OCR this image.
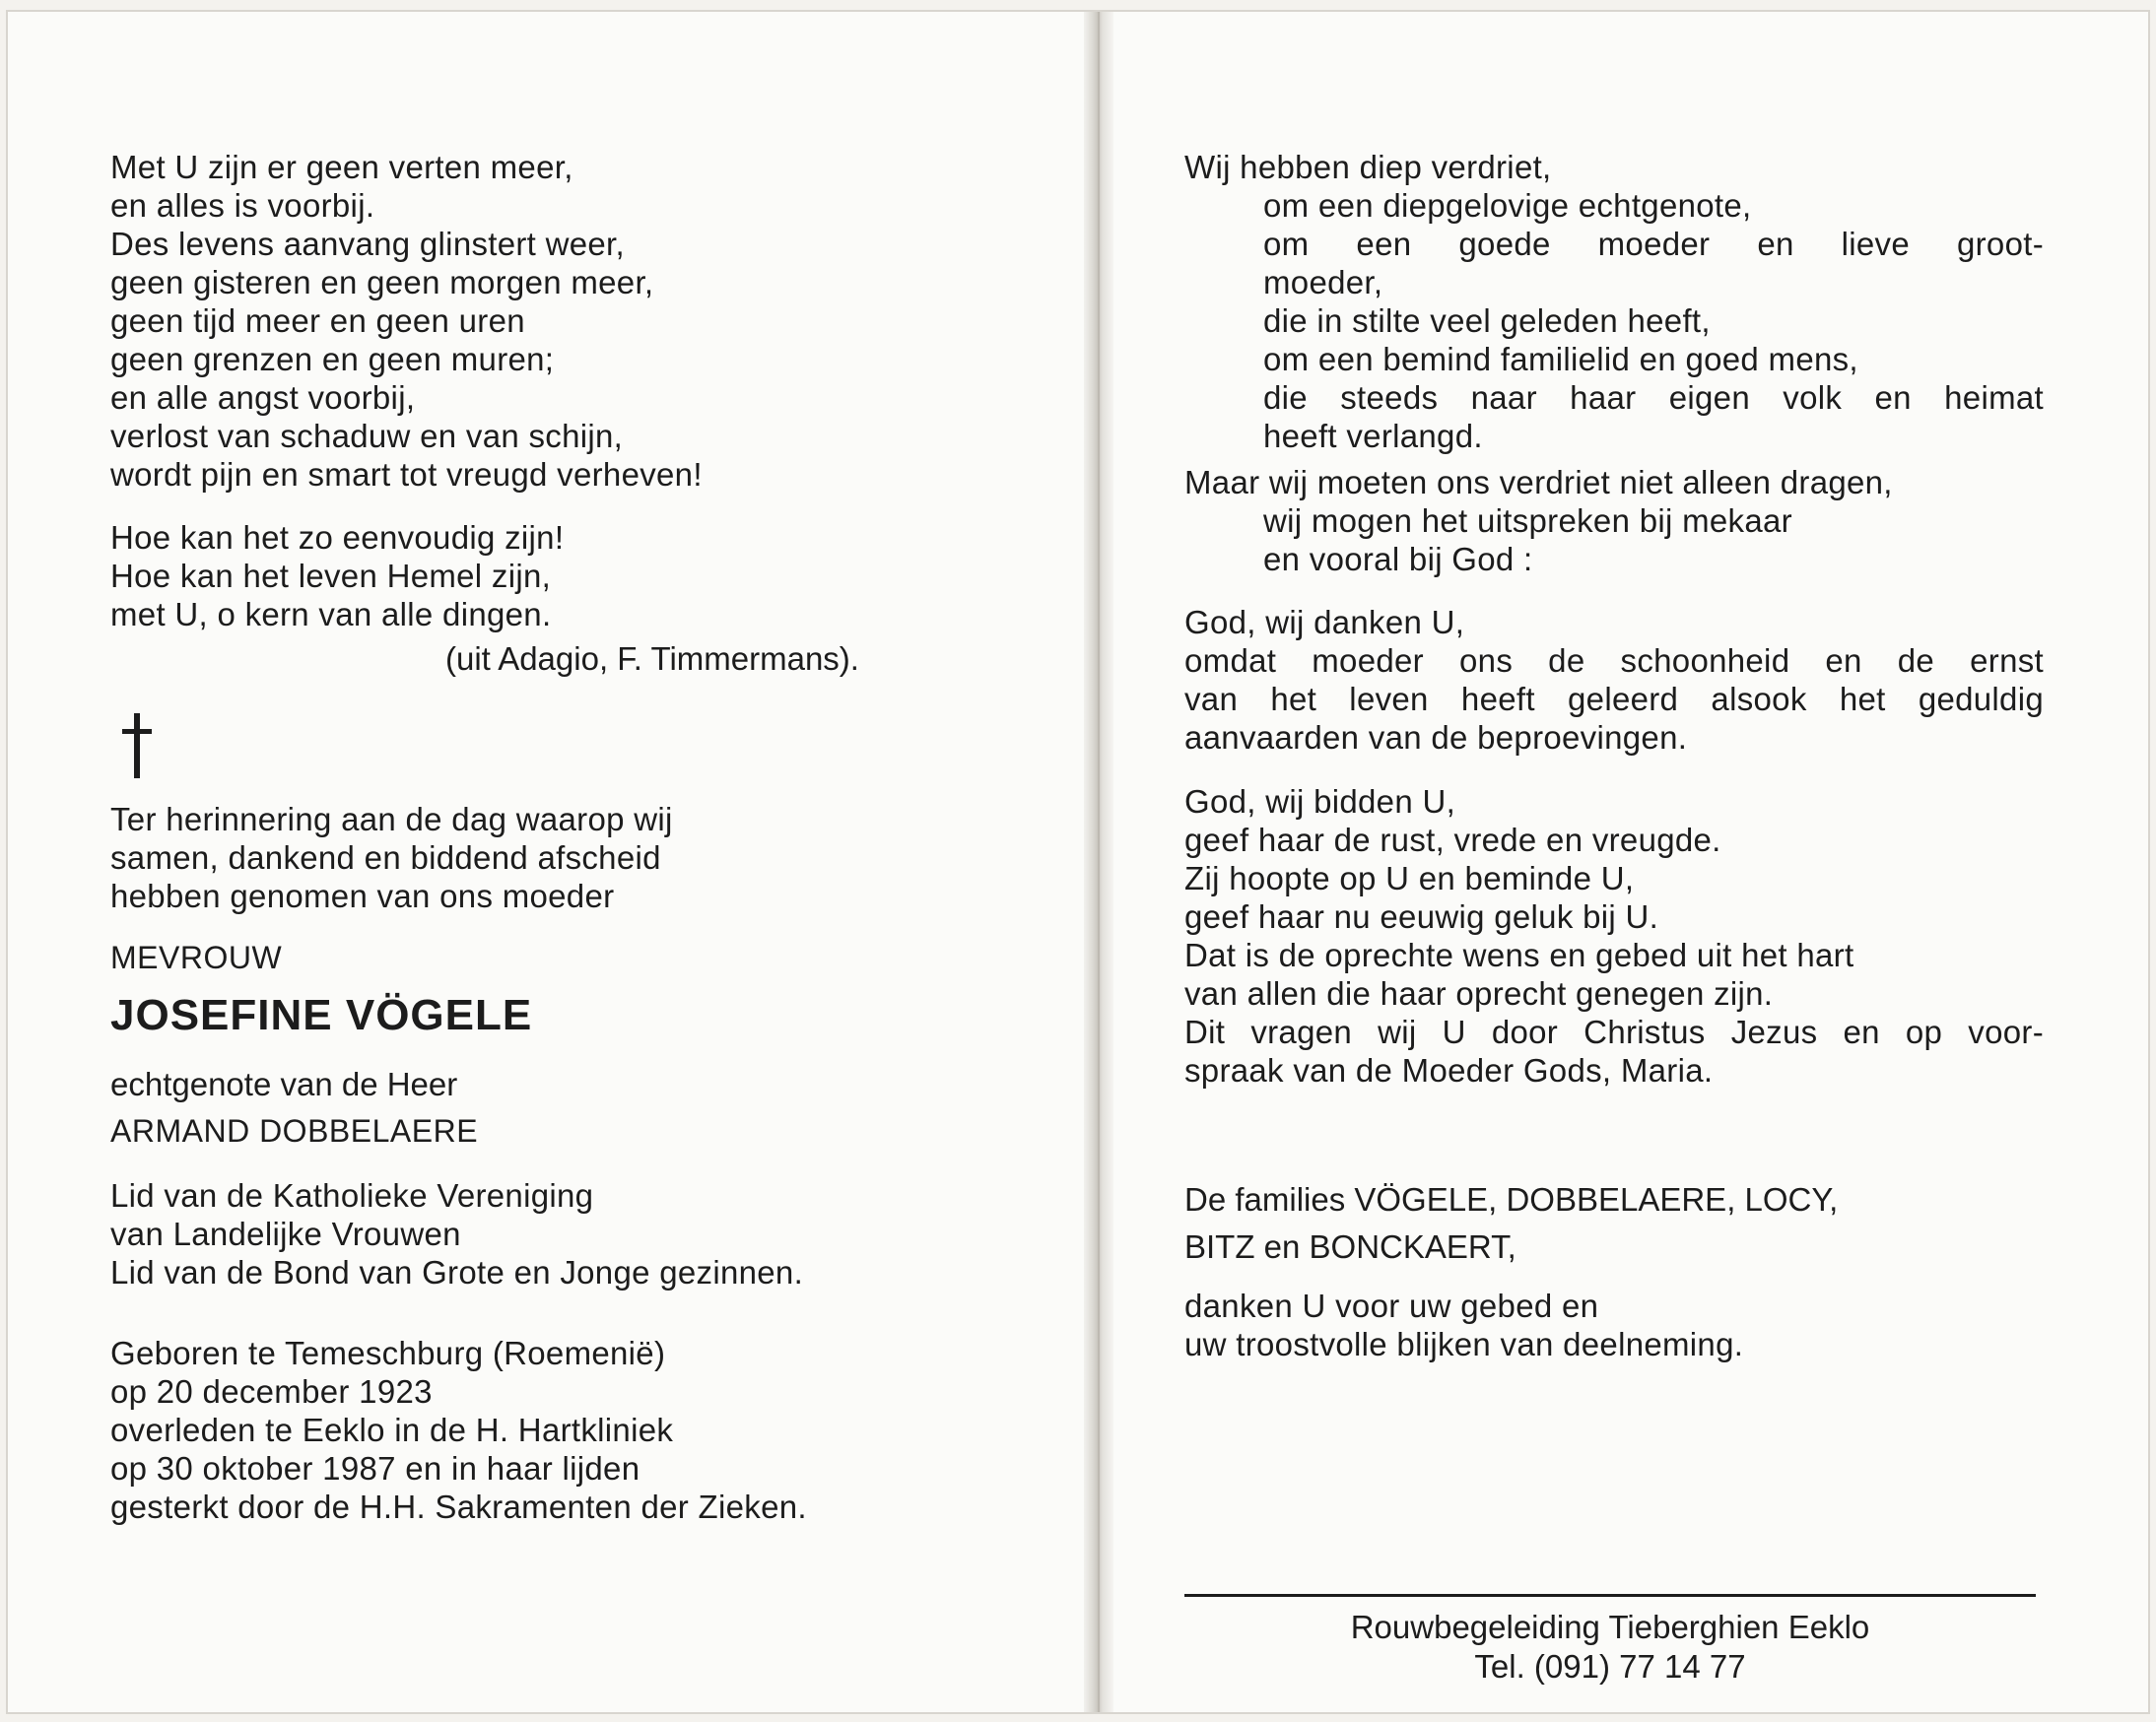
Met U zijn er geen verten meer,
en alles is voorbij.
Des levens aanvang glinstert weer,
geen gisteren en geen morgen meer,
geen tijd meer en geen uren
geen grenzen en geen muren;
en alle angst voorbij,
verlost van schaduw en van schijn,
wordt pijn en smart tot vreugd verheven!
Hoe kan het zo eenvoudig zijn!
Hoe kan het leven Hemel zijn,
met U, o kern van alle dingen.
(uit Adagio, F. Timmermans).
Ter herinnering aan de dag waarop wij
samen, dankend en biddend afscheid
hebben genomen van ons moeder
MEVROUW
JOSEFINE VÖGELE
echtgenote van de Heer
ARMAND DOBBELAERE
Lid van de Katholieke Vereniging
van Landelijke Vrouwen
Lid van de Bond van Grote en Jonge gezinnen.
Geboren te Temeschburg (Roemenië)
op 20 december 1923
overleden te Eeklo in de H. Hartkliniek
op 30 oktober 1987 en in haar lijden
gesterkt door de H.H. Sakramenten der Zieken.
Wij hebben diep verdriet,
om een diepgelovige echtgenote,
om een goede moeder en lieve groot-
moeder,
die in stilte veel geleden heeft,
om een bemind familielid en goed mens,
die steeds naar haar eigen volk en heimat
heeft verlangd.
Maar wij moeten ons verdriet niet alleen dragen,
wij mogen het uitspreken bij mekaar
en vooral bij God :
God, wij danken U,
omdat moeder ons de schoonheid en de ernst
van het leven heeft geleerd alsook het geduldig
aanvaarden van de beproevingen.
God, wij bidden U,
geef haar de rust, vrede en vreugde.
Zij hoopte op U en beminde U,
geef haar nu eeuwig geluk bij U.
Dat is de oprechte wens en gebed uit het hart
van allen die haar oprecht genegen zijn.
Dit vragen wij U door Christus Jezus en op voor-
spraak van de Moeder Gods, Maria.
De families VÖGELE, DOBBELAERE, LOCY,
BITZ en BONCKAERT,
danken U voor uw gebed en
uw troostvolle blijken van deelneming.
Rouwbegeleiding Tieberghien Eeklo
Tel. (091) 77 14 77
